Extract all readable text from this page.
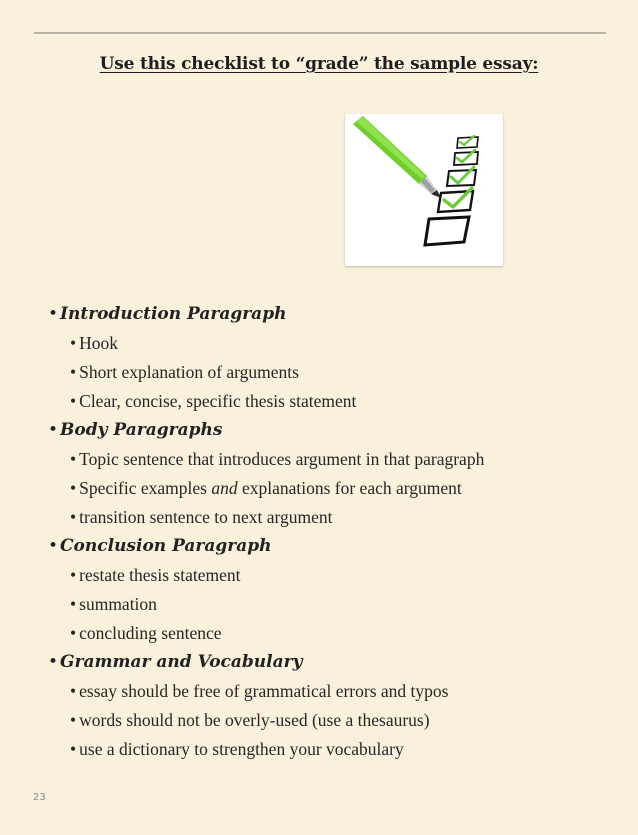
Use this checklist to “grade” the sample essay:
• Introduction Paragraph
• Hook
• Short explanation of arguments
• Clear, concise, specific thesis statement
• Body Paragraphs
• Topic sentence that introduces argument in that paragraph
• Specific examples and explanations for each argument
• transition sentence to next argument
• Conclusion Paragraph
• restate thesis statement
• summation
• concluding sentence
• Grammar and Vocabulary
• essay should be free of grammatical errors and typos
• words should not be overly-used (use a thesaurus)
• use a dictionary to strengthen your vocabulary
23
